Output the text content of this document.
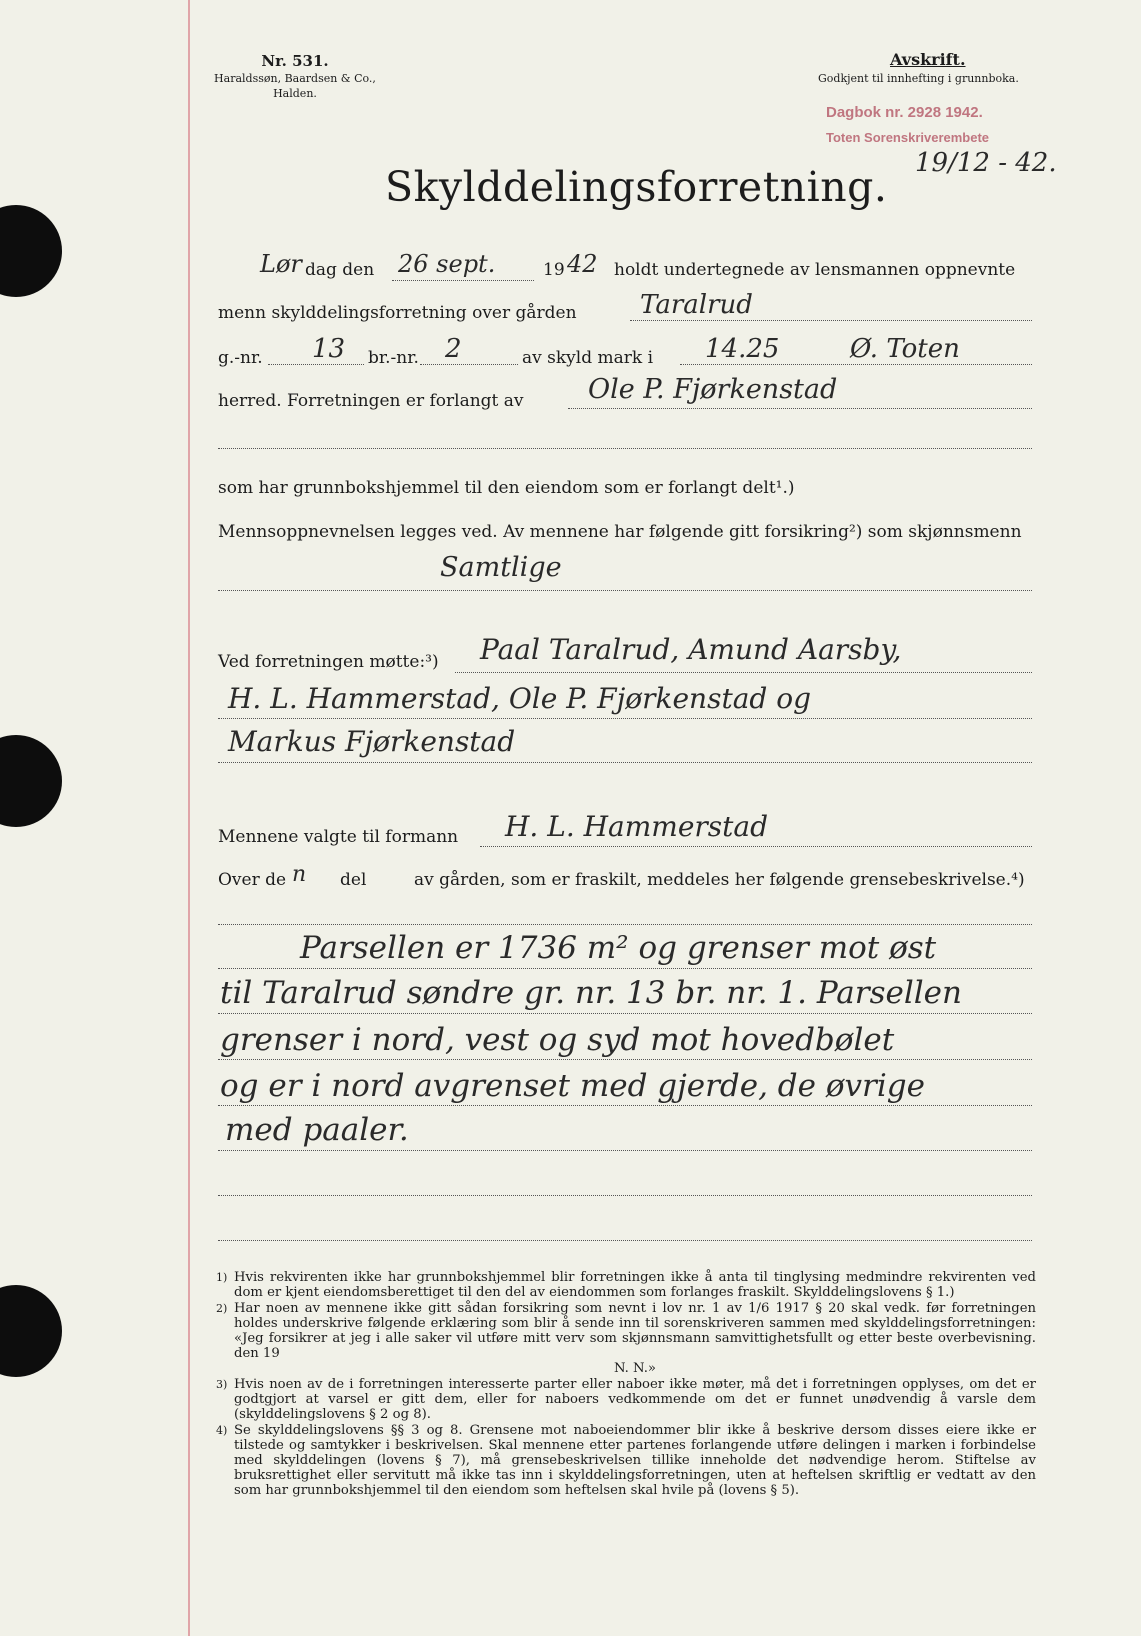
Nr. 531.
Haraldssøn, Baardsen & Co.,
Halden.
Avskrift.
Godkjent til innhefting i grunnboka.
Dagbok nr. 2928 1942.
Toten Sorenskriverembete
19/12 - 42.
Skylddelingsforretning.
Lør dag den 26 sept.	19 42 holdt undertegnede av lensmannen oppnevnte
menn skylddelingsforretning over gården Taralrud
g.-nr. 13 br.-nr. 2	av skyld mark i 14.25	Ø. Toten
herred. Forretningen er forlangt av Ole P. Fjørkenstad
som har grunnbokshjemmel til den eiendom som er forlangt delt¹.)
Mennsoppnevnelsen legges ved. Av mennene har følgende gitt forsikring²) som skjønnsmenn
Samtlige
Ved forretningen møtte:³) Paal Taralrud, Amund Aarsby,
H. L. Hammerstad, Ole P. Fjørkenstad og
Markus Fjørkenstad
Mennene valgte til formann H. L. Hammerstad
Over de n del	av gården, som er fraskilt, meddeles her følgende grensebeskrivelse.⁴)
Parsellen er 1736 m² og grenser mot øst
til Taralrud søndre gr. nr. 13 br. nr. 1. Parsellen
grenser i nord, vest og syd mot hovedbølet
og er i nord avgrenset med gjerde, de øvrige
med paaler.
1) Hvis rekvirenten ikke har grunnbokshjemmel blir forretningen ikke å anta til tinglysing medmindre rekvirenten ved dom er kjent eiendomsberettiget til den del av eiendommen som forlanges fraskilt. Skylddelingslovens § 1.)
2) Har noen av mennene ikke gitt sådan forsikring som nevnt i lov nr. 1 av 1/6 1917 § 20 skal vedk. før forretningen holdes underskrive følgende erklæring som blir å sende inn til sorenskriveren sammen med skylddelingsforretningen: «Jeg forsikrer at jeg i alle saker vil utføre mitt verv som skjønnsmann samvittighetsfullt og etter beste overbevisning. den 19
N. N.»
3) Hvis noen av de i forretningen interesserte parter eller naboer ikke møter, må det i forretningen opplyses, om det er godtgjort at varsel er gitt dem, eller for naboers vedkommende om det er funnet unødvendig å varsle dem (skylddelingslovens § 2 og 8).
4) Se skylddelingslovens §§ 3 og 8. Grensene mot naboeiendommer blir ikke å beskrive dersom disses eiere ikke er tilstede og samtykker i beskrivelsen. Skal mennene etter partenes forlangende utføre delingen i marken i forbindelse med skylddelingen (lovens § 7), må grensebeskrivelsen tillike inneholde det nødvendige herom. Stiftelse av bruksrettighet eller servitutt må ikke tas inn i skylddelingsforretningen, uten at heftelsen skriftlig er vedtatt av den som har grunnbokshjemmel til den eiendom som heftelsen skal hvile på (lovens § 5).
